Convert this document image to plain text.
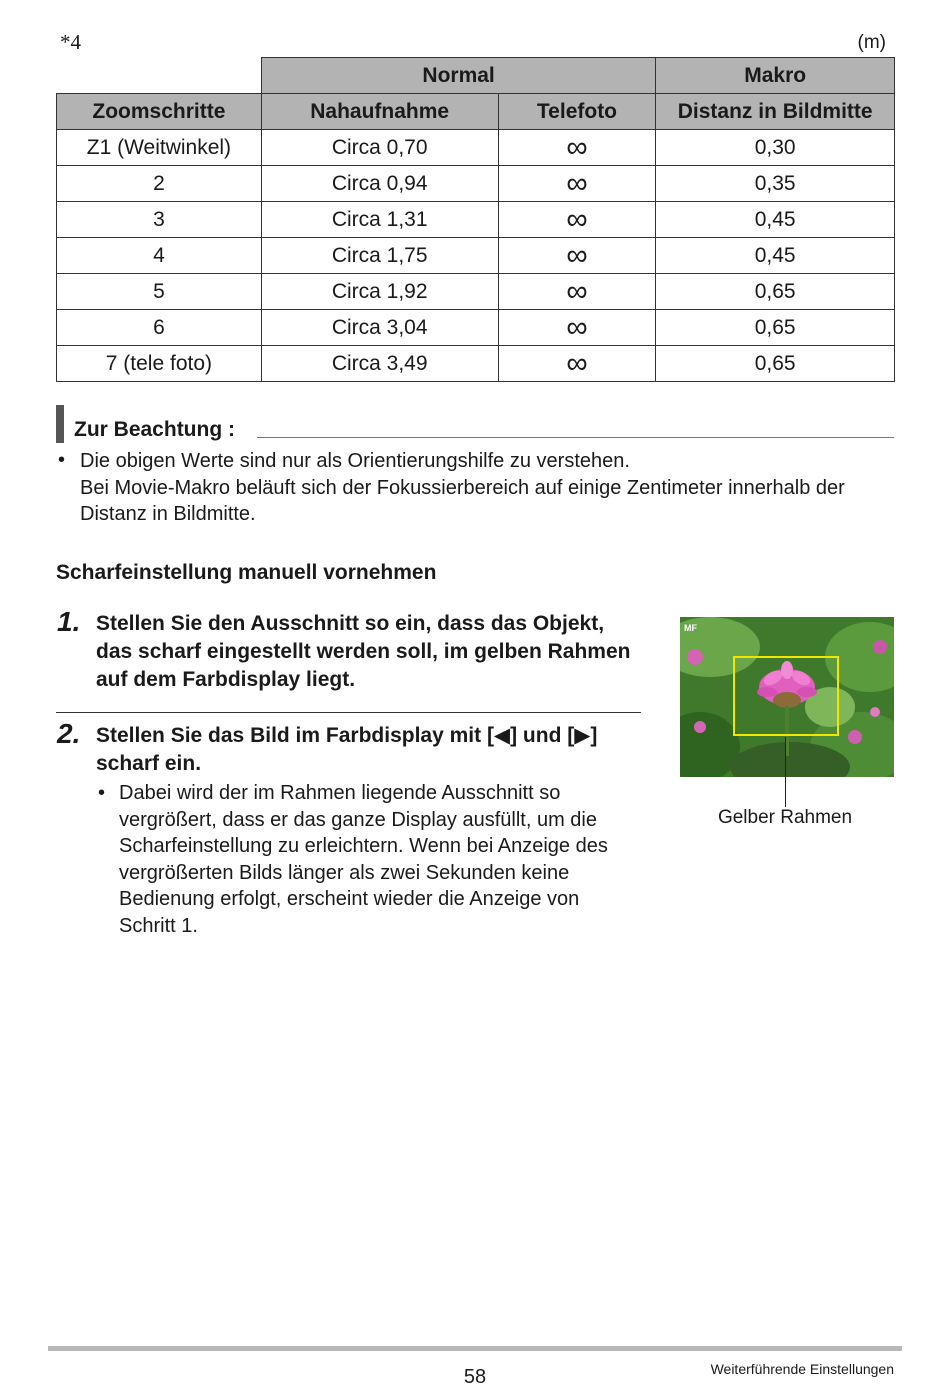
*4	(m)
	Normal		Makro
Zoomschritte	Nahaufnahme	Telefoto	Distanz in Bildmitte
Z1 (Weitwinkel)	Circa 0,70	∞	0,30
2	Circa 0,94	∞	0,35
3	Circa 1,31	∞	0,45
4	Circa 1,75	∞	0,45
5	Circa 1,92	∞	0,65
6	Circa 3,04	∞	0,65
7 (tele foto)	Circa 3,49	∞	0,65
Zur Beachtung :
• Die obigen Werte sind nur als Orientierungshilfe zu verstehen.
Bei Movie-Makro beläuft sich der Fokussierbereich auf einige Zentimeter innerhalb der Distanz in Bildmitte.
Scharfeinstellung manuell vornehmen
1. Stellen Sie den Ausschnitt so ein, dass das Objekt, das scharf eingestellt werden soll, im gelben Rahmen auf dem Farbdisplay liegt.
2. Stellen Sie das Bild im Farbdisplay mit [◀] und [▶] scharf ein.
• Dabei wird der im Rahmen liegende Ausschnitt so vergrößert, dass er das ganze Display ausfüllt, um die Scharfeinstellung zu erleichtern. Wenn bei Anzeige des vergrößerten Bilds länger als zwei Sekunden keine Bedienung erfolgt, erscheint wieder die Anzeige von Schritt 1.
MF
Gelber Rahmen
58	Weiterführende Einstellungen
